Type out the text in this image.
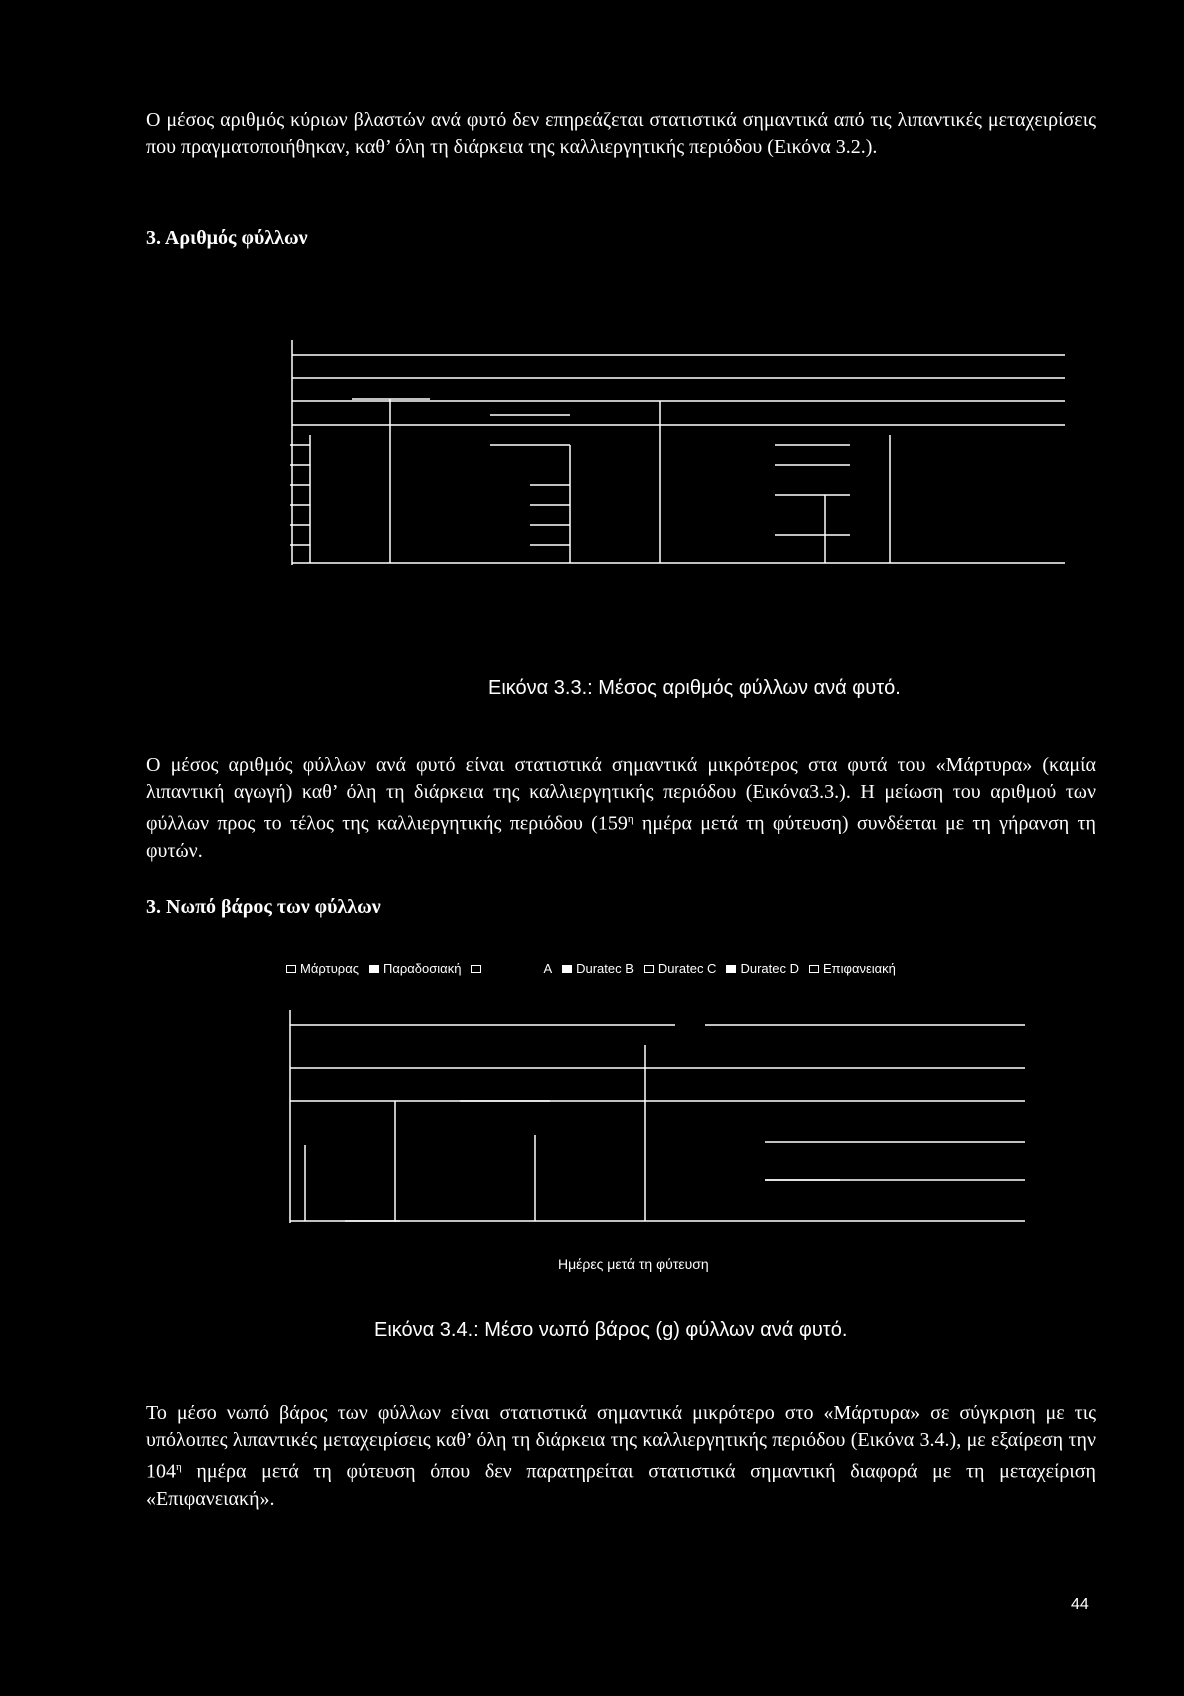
Ο μέσος αριθμός κύριων βλαστών ανά φυτό δεν επηρεάζεται στατιστικά σημαντικά από τις λιπαντικές μεταχειρίσεις που πραγματοποιήθηκαν, καθ’ όλη τη διάρκεια της καλλιεργητικής περιόδου (Εικόνα 3.2.).

3. Αριθμός φύλλων

Εικόνα 3.3.: Μέσος αριθμός φύλλων ανά φυτό.

Ο μέσος αριθμός φύλλων ανά φυτό είναι στατιστικά σημαντικά μικρότερος στα φυτά του «Μάρτυρα» (καμία λιπαντική αγωγή) καθ’ όλη τη διάρκεια της καλλιεργητικής περιόδου (Εικόνα3.3.). Η μείωση του αριθμού των φύλλων προς το τέλος της καλλιεργητικής περιόδου ($159^\eta$ ημέρα μετά τη φύτευση) συνδέεται με τη γήρανση τη φυτών.

3. Νωπό βάρος των φύλλων

Μάρτυρας Παραδοσιακή	A Duratec B Duratec C Duratec D Επιφανειακή
Ημέρες μετά τη φύτευση

Εικόνα 3.4.: Μέσο νωπό βάρος (g) φύλλων ανά φυτό.

Το μέσο νωπό βάρος των φύλλων είναι στατιστικά σημαντικά μικρότερο στο «Μάρτυρα» σε σύγκριση με τις υπόλοιπες λιπαντικές μεταχειρίσεις καθ’ όλη τη διάρκεια της καλλιεργητικής περιόδου (Εικόνα 3.4.), με εξαίρεση την $104^\eta$ ημέρα μετά τη φύτευση όπου δεν παρατηρείται στατιστικά σημαντική διαφορά με τη μεταχείριση «Επιφανειακή».

44
